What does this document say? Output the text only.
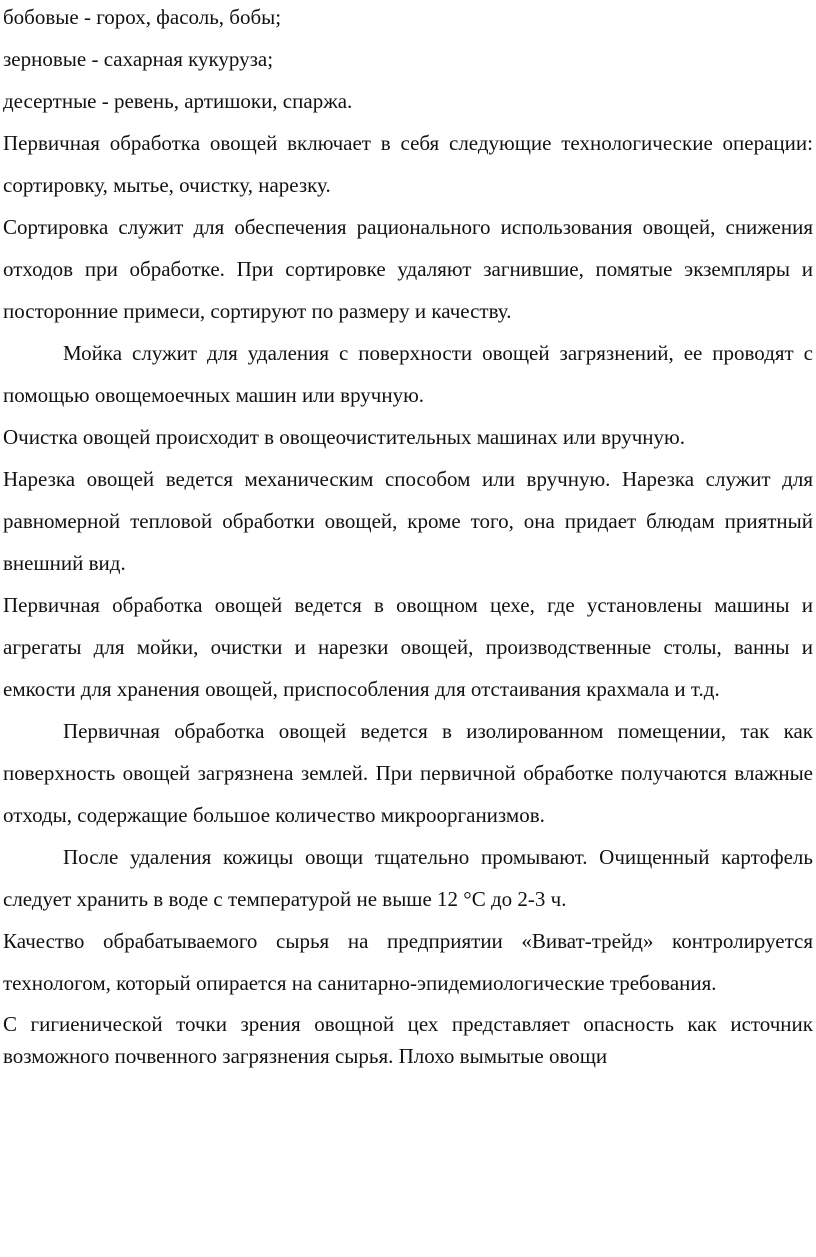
бобовые - горох, фасоль, бобы;

зерновые - сахарная кукуруза;

десертные - ревень, артишоки, спаржа.

Первичная обработка овощей включает в себя следующие технологические операции: сортировку, мытье, очистку, нарезку.

Сортировка служит для обеспечения рационального использования овощей, снижения отходов при обработке. При сортировке удаляют загнившие, помятые экземпляры и посторонние примеси, сортируют по размеру и качеству.

Мойка служит для удаления с поверхности овощей загрязнений, ее проводят с помощью овощемоечных машин или вручную.

Очистка овощей происходит в овощеочистительных машинах или вручную.

Нарезка овощей ведется механическим способом или вручную. Нарезка служит для равномерной тепловой обработки овощей, кроме того, она придает блюдам приятный внешний вид.

Первичная обработка овощей ведется в овощном цехе, где установлены машины и агрегаты для мойки, очистки и нарезки овощей, производственные столы, ванны и емкости для хранения овощей, приспособления для отстаивания крахмала и т.д.

Первичная обработка овощей ведется в изолированном помещении, так как поверхность овощей загрязнена землей. При первичной обработке получаются влажные отходы, содержащие большое количество микроорганизмов.

После удаления кожицы овощи тщательно промывают. Очищенный картофель следует хранить в воде с температурой не выше 12 °С до 2-3 ч.

Качество обрабатываемого сырья на предприятии «Виват-трейд» контролируется технологом, который опирается на санитарно-эпидемиологические требования.

С гигиенической точки зрения овощной цех представляет опасность как источник возможного почвенного загрязнения сырья. Плохо вымытые овощи
